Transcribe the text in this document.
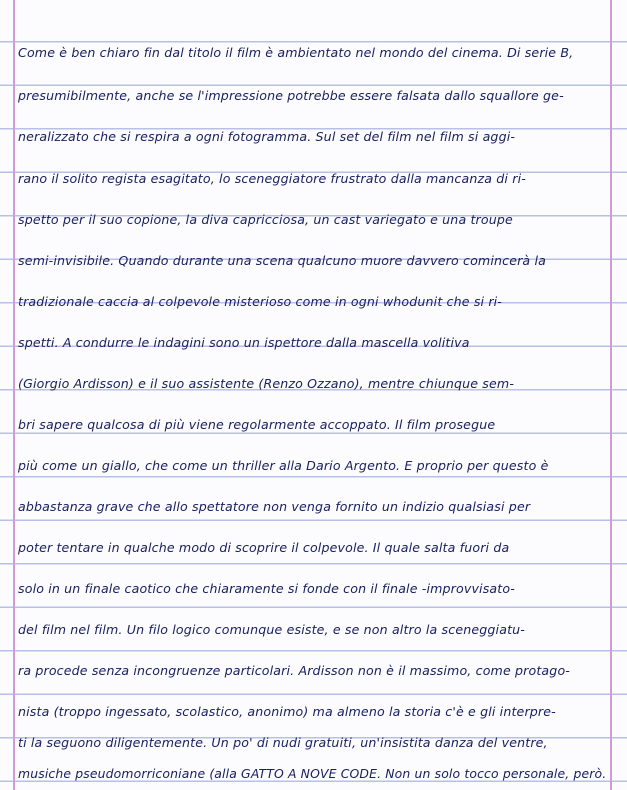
Come è ben chiaro fin dal titolo il film è ambientato nel mondo del cinema. Di serie B,
presumibilmente, anche se l'impressione potrebbe essere falsata dallo squallore ge-
neralizzato che si respira a ogni fotogramma. Sul set del film nel film si aggi-
rano il solito regista esagitato, lo sceneggiatore frustrato dalla mancanza di ri-
spetto per il suo copione, la diva capricciosa, un cast variegato e una troupe
semi-invisibile. Quando durante una scena qualcuno muore davvero comincerà la
tradizionale caccia al colpevole misterioso come in ogni whodunit che si ri-
spetti. A condurre le indagini sono un ispettore dalla mascella volitiva
(Giorgio Ardisson) e il suo assistente (Renzo Ozzano), mentre chiunque sem-
bri sapere qualcosa di più viene regolarmente accoppato. Il film prosegue
più come un giallo, che come un thriller alla Dario Argento. E proprio per questo è
abbastanza grave che allo spettatore non venga fornito un indizio qualsiasi per
poter tentare in qualche modo di scoprire il colpevole. Il quale salta fuori da
solo in un finale caotico che chiaramente si fonde con il finale -improvvisato-
del film nel film. Un filo logico comunque esiste, e se non altro la sceneggiatu-
ra procede senza incongruenze particolari. Ardisson non è il massimo, come protago-
nista (troppo ingessato, scolastico, anonimo) ma almeno la storia c'è e gli interpre-
ti la seguono diligentemente. Un po' di nudi gratuiti, un'insistita danza del ventre,
musiche pseudomorriconiane (alla GATTO A NOVE CODE. Non un solo tocco personale, però.
